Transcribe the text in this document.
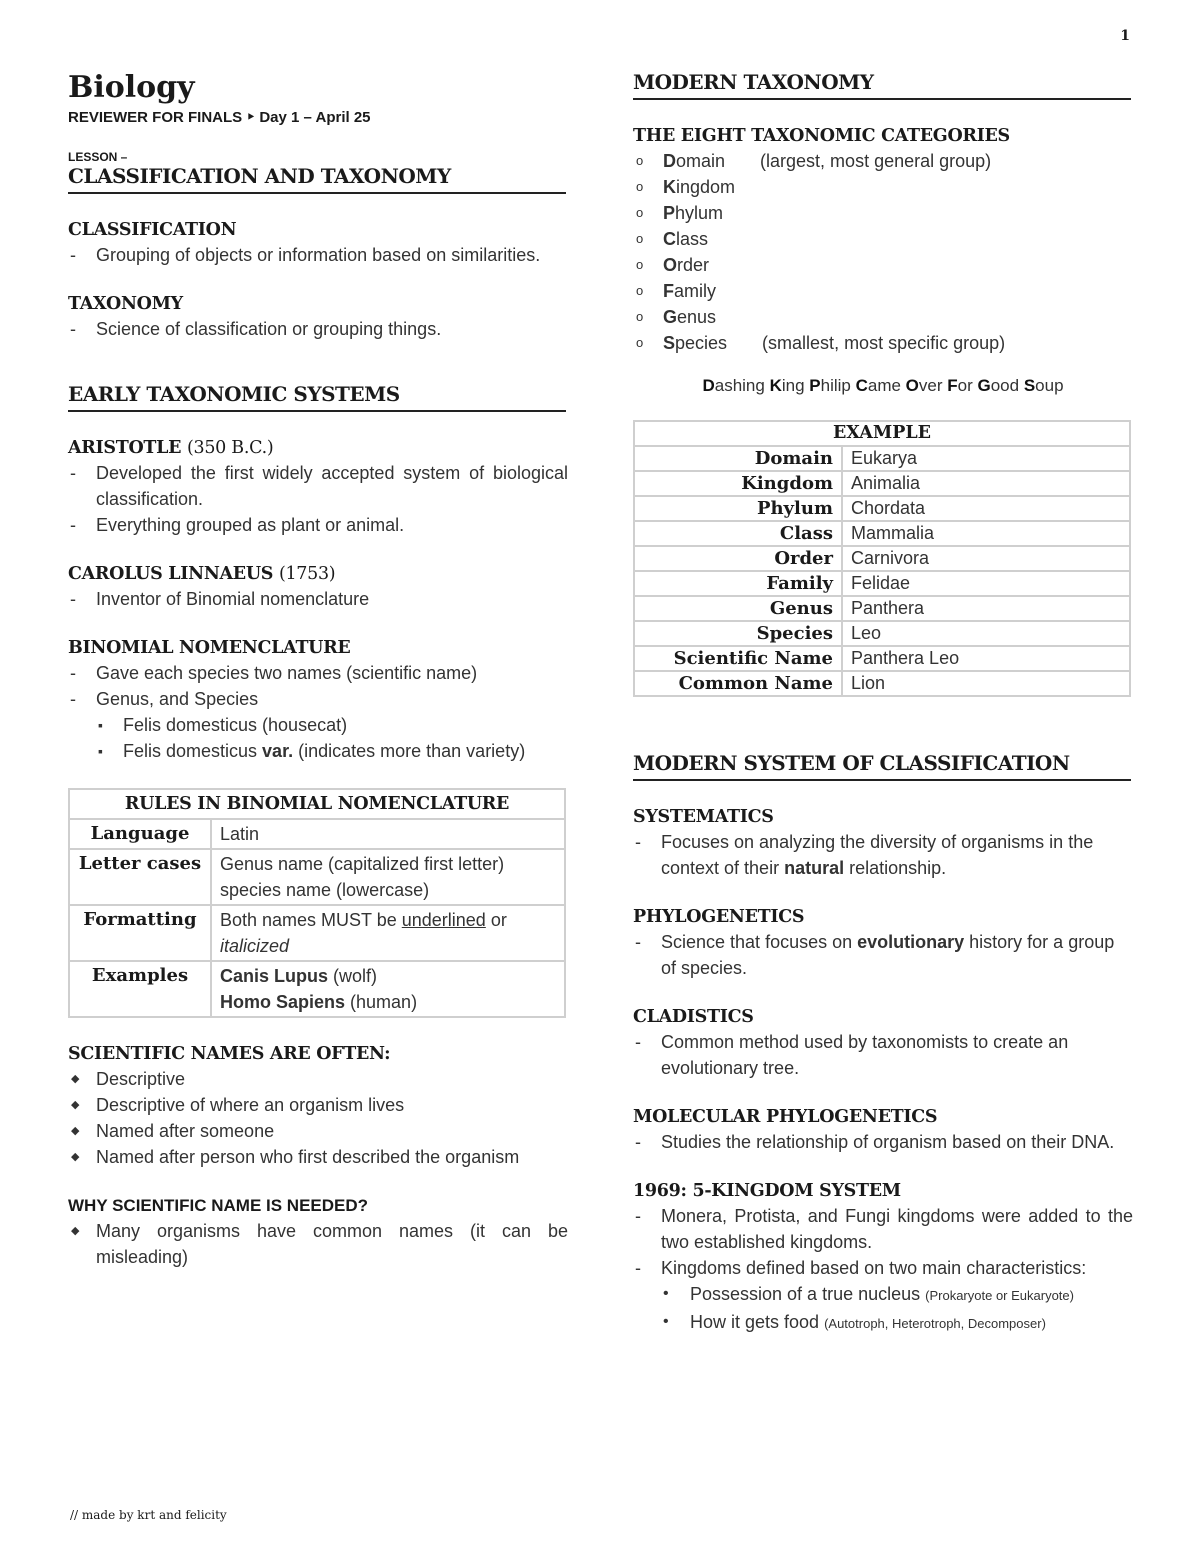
1
Biology
REVIEWER FOR FINALS ‣ Day 1 – April 25
LESSON –
CLASSIFICATION AND TAXONOMY
CLASSIFICATION
- Grouping of objects or information based on similarities.
TAXONOMY
- Science of classification or grouping things.
EARLY TAXONOMIC SYSTEMS
ARISTOTLE (350 B.C.)
- Developed the first widely accepted system of biological classification.
- Everything grouped as plant or animal.
CAROLUS LINNAEUS (1753)
- Inventor of Binomial nomenclature
BINOMIAL NOMENCLATURE
- Gave each species two names (scientific name)
- Genus, and Species
▪ Felis domesticus (housecat)
▪ Felis domesticus var. (indicates more than variety)
RULES IN BINOMIAL NOMENCLATURE	
Language	Latin
Letter cases	Genus name (capitalized first letter)
species name (lowercase)

Formatting	Both names MUST be underlined or italicized
Examples	Canis Lupus (wolf)
Homo Sapiens (human)
SCIENTIFIC NAMES ARE OFTEN:
◆ Descriptive
◆ Descriptive of where an organism lives
◆ Named after someone
◆ Named after person who first described the organism
WHY SCIENTIFIC NAME IS NEEDED?
◆ Many organisms have common names (it can be misleading)
MODERN TAXONOMY
THE EIGHT TAXONOMIC CATEGORIES
o Domain       (largest, most general group)
o Kingdom
o Phylum
o Class
o Order
o Family
o Genus
o Species       (smallest, most specific group)
Dashing King Philip Came Over For Good Soup
EXAMPLE	
Domain	Eukarya
Kingdom	Animalia
Phylum	Chordata
Class	Mammalia
Order	Carnivora
Family	Felidae
Genus	Panthera
Species	Leo
Scientific Name	Panthera Leo
Common Name	Lion
MODERN SYSTEM OF CLASSIFICATION
SYSTEMATICS
- Focuses on analyzing the diversity of organisms in the context of their natural relationship.
PHYLOGENETICS
- Science that focuses on evolutionary history for a group of species.
CLADISTICS
- Common method used by taxonomists to create an evolutionary tree.
MOLECULAR PHYLOGENETICS
- Studies the relationship of organism based on their DNA.
1969: 5-KINGDOM SYSTEM
- Monera, Protista, and Fungi kingdoms were added to the two established kingdoms.
- Kingdoms defined based on two main characteristics:
• Possession of a true nucleus (Prokaryote or Eukaryote)
• How it gets food (Autotroph, Heterotroph, Decomposer)
// made by krt and felicity
